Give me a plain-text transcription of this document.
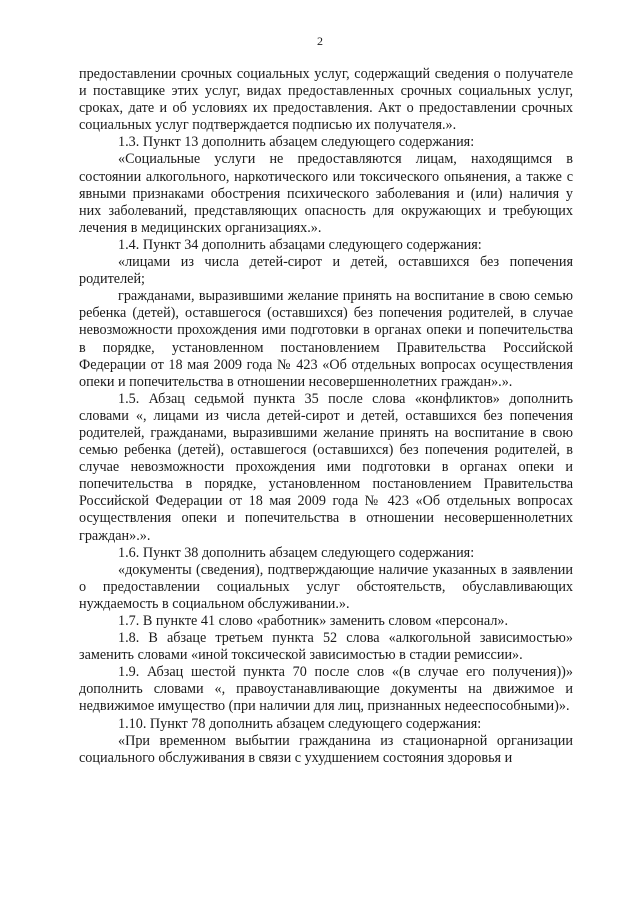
2

предоставлении срочных социальных услуг, содержащий сведения о получателе и поставщике этих услуг, видах предоставленных срочных социальных услуг, сроках, дате и об условиях их предоставления. Акт о предоставлении срочных социальных услуг подтверждается подписью их получателя.».

1.3. Пункт 13 дополнить абзацем следующего содержания:

«Социальные услуги не предоставляются лицам, находящимся в состоянии алкогольного, наркотического или токсического опьянения, а также с явными признаками обострения психического заболевания и (или) наличия у них заболеваний, представляющих опасность для окружающих и требующих лечения в медицинских организациях.».

1.4. Пункт 34 дополнить абзацами следующего содержания:

«лицами из числа детей-сирот и детей, оставшихся без попечения родителей;

гражданами, выразившими желание принять на воспитание в свою семью ребенка (детей), оставшегося (оставшихся) без попечения родителей, в случае невозможности прохождения ими подготовки в органах опеки и попечительства в порядке, установленном постановлением Правительства Российской Федерации от 18 мая 2009 года № 423 «Об отдельных вопросах осуществления опеки и попечительства в отношении несовершеннолетних граждан».».

1.5. Абзац седьмой пункта 35 после слова «конфликтов» дополнить словами «, лицами из числа детей-сирот и детей, оставшихся без попечения родителей, гражданами, выразившими желание принять на воспитание в свою семью ребенка (детей), оставшегося (оставшихся) без попечения родителей, в случае невозможности прохождения ими подготовки в органах опеки и попечительства в порядке, установленном постановлением Правительства Российской Федерации от 18 мая 2009 года № 423 «Об отдельных вопросах осуществления опеки и попечительства в отношении несовершеннолетних граждан».».

1.6. Пункт 38 дополнить абзацем следующего содержания:

«документы (сведения), подтверждающие наличие указанных в заявлении о предоставлении социальных услуг обстоятельств, обуславливающих нуждаемость в социальном обслуживании.».

1.7. В пункте 41 слово «работник» заменить словом «персонал».

1.8. В абзаце третьем пункта 52 слова «алкогольной зависимостью» заменить словами «иной токсической зависимостью в стадии ремиссии».

1.9. Абзац шестой пункта 70 после слов «(в случае его получения))» дополнить словами «, правоустанавливающие документы на движимое и недвижимое имущество (при наличии для лиц, признанных недееспособными)».

1.10. Пункт 78 дополнить абзацем следующего содержания:

«При временном выбытии гражданина из стационарной организации социального обслуживания в связи с ухудшением состояния здоровья и
